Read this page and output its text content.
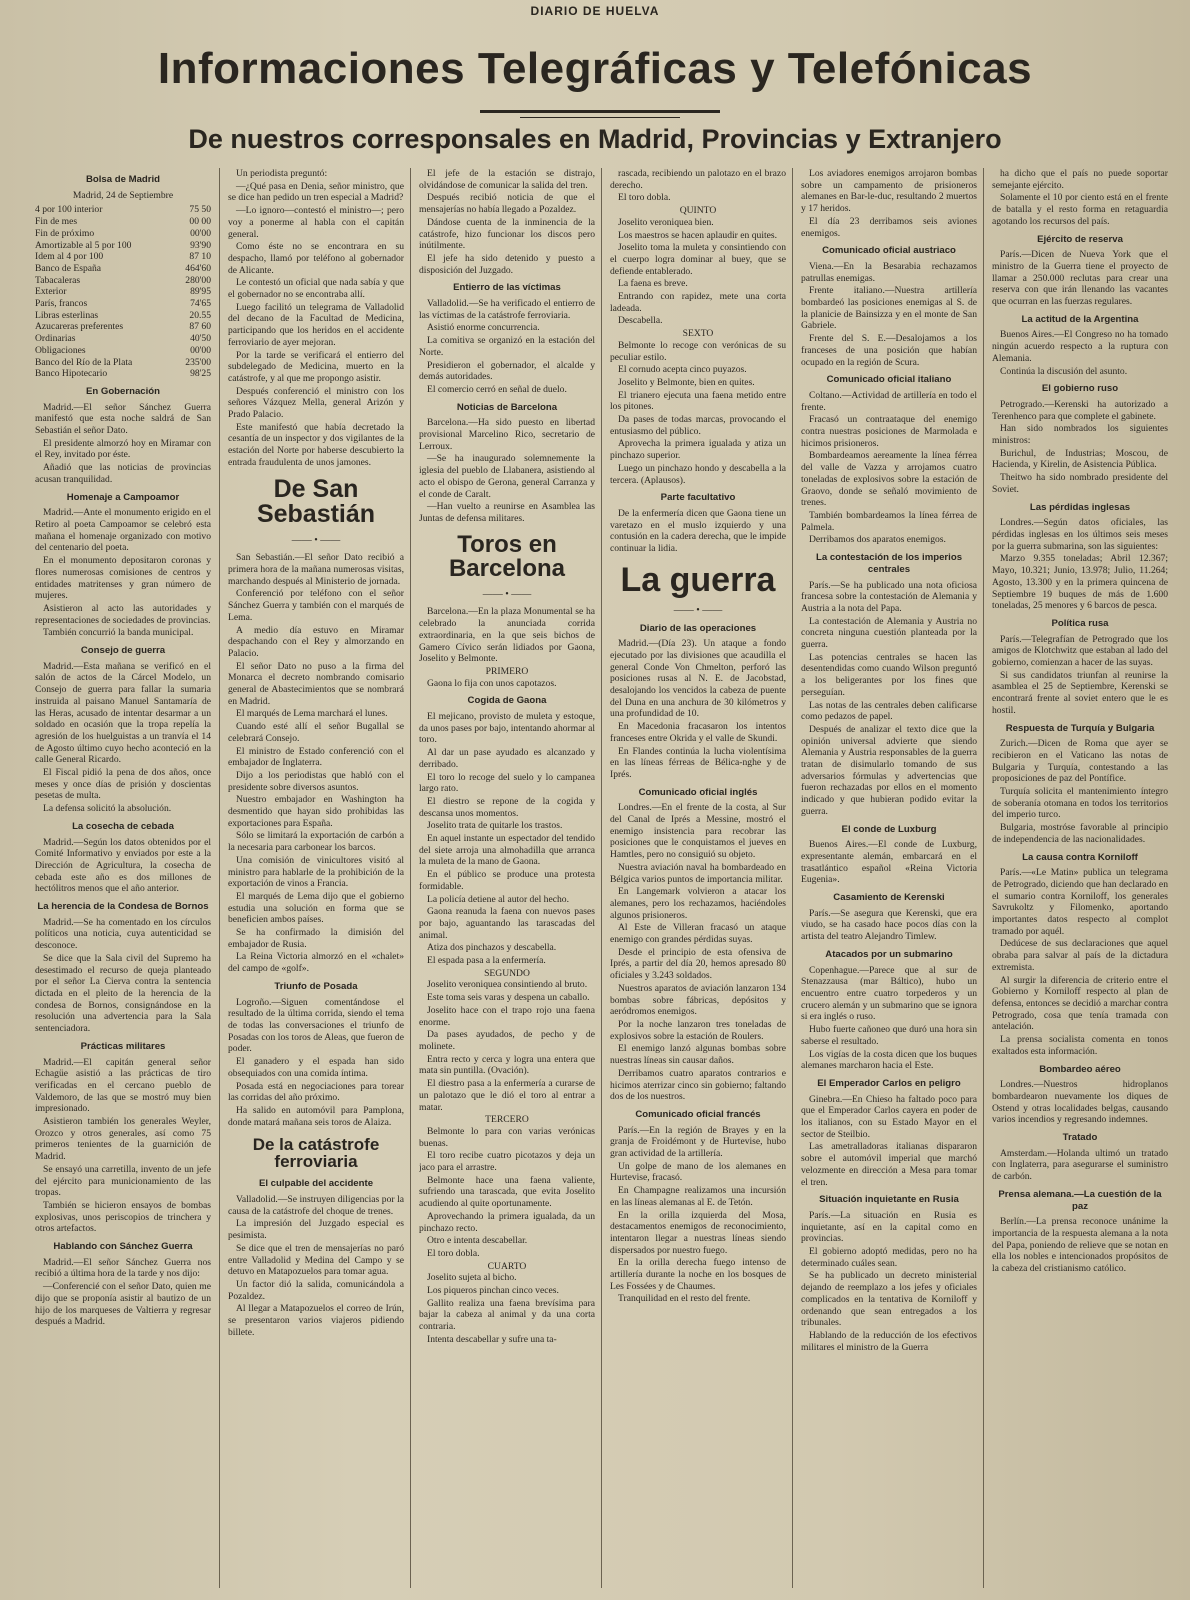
DIARIO DE HUELVA
Informaciones Telegráficas y Telefónicas
De nuestros corresponsales en Madrid, Provincias y Extranjero
Bolsa de Madrid
Madrid, 24 de Septiembre
4 por 100 interior	75 50
Fin de mes	00 00
Fin de próximo	00'00
Amortizable al 5 por 100	93'90
Idem al 4 por 100	87 10
Banco de España	464'60
Tabacaleras	280'00
Exterior	89'95
París, francos	74'65
Libras esterlinas	20.55
Azucareras preferentes	87 60
Ordinarias	40'50
Obligaciones	00'00
Banco del Río de la Plata	235'00
Banco Hipotecario	98'25
En Gobernación

Madrid.—El señor Sánchez Guerra manifestó que esta noche saldrá de San Sebastián el señor Dato.

El presidente almorzó hoy en Miramar con el Rey, invitado por éste.

Añadió que las noticias de provincias acusan tranquilidad.

Homenaje a Campoamor

Madrid.—Ante el monumento erigido en el Retiro al poeta Campoamor se celebró esta mañana el homenaje organizado con motivo del centenario del poeta.

En el monumento depositaron coronas y flores numerosas comisiones de centros y entidades matritenses y gran número de mujeres.

Asistieron al acto las autoridades y representaciones de sociedades de provincias.

También concurrió la banda municipal.

Consejo de guerra

Madrid.—Esta mañana se verificó en el salón de actos de la Cárcel Modelo, un Consejo de guerra para fallar la sumaria instruida al paisano Manuel Santamaría de las Heras, acusado de intentar desarmar a un soldado en ocasión que la tropa repelía la agresión de los huelguistas a un tranvía el 14 de Agosto último cuyo hecho aconteció en la calle General Ricardo.

El Fiscal pidió la pena de dos años, once meses y once días de prisión y doscientas pesetas de multa.

La defensa solicitó la absolución.

La cosecha de cebada

Madrid.—Según los datos obtenidos por el Comité Informativo y enviados por este a la Dirección de Agricultura, la cosecha de cebada este año es dos millones de hectólitros menos que el año anterior.

La herencia de la Condesa de Bornos

Madrid.—Se ha comentado en los círculos políticos una noticia, cuya autenticidad se desconoce.

Se dice que la Sala civil del Supremo ha desestimado el recurso de queja planteado por el señor La Cierva contra la sentencia dictada en el pleito de la herencia de la condesa de Bornos, consignándose en la resolución una advertencia para la Sala sentenciadora.

Prácticas militares

Madrid.—El capitán general señor Echagüe asistió a las prácticas de tiro verificadas en el cercano pueblo de Valdemoro, de las que se mostró muy bien impresionado.

Asistieron también los generales Weyler, Orozco y otros generales, así como 75 primeros tenientes de la guarnición de Madrid.

Se ensayó una carretilla, invento de un jefe del ejército para municionamiento de las tropas.

También se hicieron ensayos de bombas explosivas, unos periscopios de trinchera y otros artefactos.

Hablando con Sánchez Guerra

Madrid.—El señor Sánchez Guerra nos recibió a última hora de la tarde y nos dijo:

—Conferencié con el señor Dato, quien me dijo que se proponía asistir al bautizo de un hijo de los marqueses de Valtierra y regresar después a Madrid.

Un periodista preguntó:

—¿Qué pasa en Denia, señor ministro, que se dice han pedido un tren especial a Madrid?

—Lo ignoro—contestó el ministro—; pero voy a ponerme al habla con el capitán general.

Como éste no se encontrara en su despacho, llamó por teléfono al gobernador de Alicante.

Le contestó un oficial que nada sabía y que el gobernador no se encontraba allí.

Luego facilitó un telegrama de Valladolid del decano de la Facultad de Medicina, participando que los heridos en el accidente ferroviario de ayer mejoran.

Por la tarde se verificará el entierro del subdelegado de Medicina, muerto en la catástrofe, y al que me propongo asistir.

Después conferenció el ministro con los señores Vázquez Mella, general Arizón y Prado Palacio.

Este manifestó que había decretado la cesantía de un inspector y dos vigilantes de la estación del Norte por haberse descubierto la entrada fraudulenta de unos jamones.

De San Sebastián
—— • ——

San Sebastián.—El señor Dato recibió a primera hora de la mañana numerosas visitas, marchando después al Ministerio de jornada.

Conferenció por teléfono con el señor Sánchez Guerra y también con el marqués de Lema.

A medio día estuvo en Miramar despachando con el Rey y almorzando en Palacio.

El señor Dato no puso a la firma del Monarca el decreto nombrando comisario general de Abastecimientos que se nombrará en Madrid.

El marqués de Lema marchará el lunes.

Cuando esté allí el señor Bugallal se celebrará Consejo.

El ministro de Estado conferenció con el embajador de Inglaterra.

Dijo a los periodistas que habló con el presidente sobre diversos asuntos.

Nuestro embajador en Washington ha desmentido que hayan sido prohibidas las exportaciones para España.

Sólo se limitará la exportación de carbón a la necesaria para carbonear los barcos.

Una comisión de vinicultores visitó al ministro para hablarle de la prohibición de la exportación de vinos a Francia.

El marqués de Lema dijo que el gobierno estudia una solución en forma que se beneficien ambos países.

Se ha confirmado la dimisión del embajador de Rusia.

La Reina Victoria almorzó en el «chalet» del campo de «golf».

Triunfo de Posada

Logroño.—Siguen comentándose el resultado de la última corrida, siendo el tema de todas las conversaciones el triunfo de Posadas con los toros de Aleas, que fueron de poder.

El ganadero y el espada han sido obsequiados con una comida íntima.

Posada está en negociaciones para torear las corridas del año próximo.

Ha salido en automóvil para Pamplona, donde matará mañana seis toros de Alaiza.

De la catástrofe ferroviaria
El culpable del accidente

Valladolid.—Se instruyen diligencias por la causa de la catástrofe del choque de trenes.

La impresión del Juzgado especial es pesimista.

Se dice que el tren de mensajerías no paró entre Valladolid y Medina del Campo y se detuvo en Matapozuelos para tomar agua.

Un factor dió la salida, comunicándola a Pozaldez.

Al llegar a Matapozuelos el correo de Irún, se presentaron varios viajeros pidiendo billete.

El jefe de la estación se distrajo, olvidándose de comunicar la salida del tren.

Después recibió noticia de que el mensajerías no había llegado a Pozaldez.

Dándose cuenta de la inminencia de la catástrofe, hizo funcionar los discos pero inútilmente.

El jefe ha sido detenido y puesto a disposición del Juzgado.

Entierro de las víctimas

Valladolid.—Se ha verificado el entierro de las víctimas de la catástrofe ferroviaria.

Asistió enorme concurrencia.

La comitiva se organizó en la estación del Norte.

Presidieron el gobernador, el alcalde y demás autoridades.

El comercio cerró en señal de duelo.

Noticias de Barcelona

Barcelona.—Ha sido puesto en libertad provisional Marcelino Rico, secretario de Lerroux.

—Se ha inaugurado solemnemente la iglesia del pueblo de Llabanera, asistiendo al acto el obispo de Gerona, general Carranza y el conde de Caralt.

—Han vuelto a reunirse en Asamblea las Juntas de defensa militares.

Toros en Barcelona
—— • ——

Barcelona.—En la plaza Monumental se ha celebrado la anunciada corrida extraordinaria, en la que seis bichos de Gamero Cívico serán lidiados por Gaona, Joselito y Belmonte.

PRIMERO

Gaona lo fija con unos capotazos.

Cogida de Gaona

El mejicano, provisto de muleta y estoque, da unos pases por bajo, intentando ahormar al toro.

Al dar un pase ayudado es alcanzado y derribado.

El toro lo recoge del suelo y lo campanea largo rato.

El diestro se repone de la cogida y descansa unos momentos.

Joselito trata de quitarle los trastos.

En aquel instante un espectador del tendido del siete arroja una almohadilla que arranca la muleta de la mano de Gaona.

En el público se produce una protesta formidable.

La policía detiene al autor del hecho.

Gaona reanuda la faena con nuevos pases por bajo, aguantando las tarascadas del animal.

Atiza dos pinchazos y descabella.

El espada pasa a la enfermería.

SEGUNDO

Joselito veroniquea consintiendo al bruto.

Este toma seis varas y despena un caballo.

Joselito hace con el trapo rojo una faena enorme.

Da pases ayudados, de pecho y de molinete.

Entra recto y cerca y logra una entera que mata sin puntilla. (Ovación).

El diestro pasa a la enfermería a curarse de un palotazo que le dió el toro al entrar a matar.

TERCERO

Belmonte lo para con varias verónicas buenas.

El toro recibe cuatro picotazos y deja un jaco para el arrastre.

Belmonte hace una faena valiente, sufriendo una tarascada, que evita Joselito acudiendo al quite oportunamente.

Aprovechando la primera igualada, da un pinchazo recto.

Otro e intenta descabellar.

El toro dobla.

CUARTO

Joselito sujeta al bicho.

Los piqueros pinchan cinco veces.

Gallito realiza una faena brevísima para bajar la cabeza al animal y da una corta contraria.

Intenta descabellar y sufre una ta-

rascada, recibiendo un palotazo en el brazo derecho.

El toro dobla.

QUINTO

Joselito veroniquea bien.

Los maestros se hacen aplaudir en quites.

Joselito toma la muleta y consintiendo con el cuerpo logra dominar al buey, que se defiende entablerado.

La faena es breve.

Entrando con rapidez, mete una corta ladeada.

Descabella.

SEXTO

Belmonte lo recoge con verónicas de su peculiar estilo.

El cornudo acepta cinco puyazos.

Joselito y Belmonte, bien en quites.

El trianero ejecuta una faena metido entre los pitones.

Da pases de todas marcas, provocando el entusiasmo del público.

Aprovecha la primera igualada y atiza un pinchazo superior.

Luego un pinchazo hondo y descabella a la tercera. (Aplausos).

Parte facultativo

De la enfermería dicen que Gaona tiene un varetazo en el muslo izquierdo y una contusión en la cadera derecha, que le impide continuar la lidia.

La guerra
—— • ——
Diario de las operaciones

Madrid.—(Día 23). Un ataque a fondo ejecutado por las divisiones que acaudilla el general Conde Von Chmelton, perforó las posiciones rusas al N. E. de Jacobstad, desalojando los vencidos la cabeza de puente del Duna en una anchura de 30 kilómetros y una profundidad de 10.

En Macedonia fracasaron los intentos franceses entre Okrida y el valle de Skundi.

En Flandes continúa la lucha violentísima en las líneas férreas de Bélica-nghe y de Iprés.

Comunicado oficial inglés

Londres.—En el frente de la costa, al Sur del Canal de Iprés a Messine, mostró el enemigo insistencia para recobrar las posiciones que le conquistamos el jueves en Hamtles, pero no consiguió su objeto.

Nuestra aviación naval ha bombardeado en Bélgica varios puntos de importancia militar.

En Langemark volvieron a atacar los alemanes, pero los rechazamos, haciéndoles algunos prisioneros.

Al Este de Villeran fracasó un ataque enemigo con grandes pérdidas suyas.

Desde el principio de esta ofensiva de Iprés, a partir del día 20, hemos apresado 80 oficiales y 3.243 soldados.

Nuestros aparatos de aviación lanzaron 134 bombas sobre fábricas, depósitos y aeródromos enemigos.

Por la noche lanzaron tres toneladas de explosivos sobre la estación de Roulers.

El enemigo lanzó algunas bombas sobre nuestras líneas sin causar daños.

Derribamos cuatro aparatos contrarios e hicimos aterrizar cinco sin gobierno; faltando dos de los nuestros.

Comunicado oficial francés

París.—En la región de Brayes y en la granja de Froidémont y de Hurtevise, hubo gran actividad de la artillería.

Un golpe de mano de los alemanes en Hurtevise, fracasó.

En Champagne realizamos una incursión en las líneas alemanas al E. de Tetón.

En la orilla izquierda del Mosa, destacamentos enemigos de reconocimiento, intentaron llegar a nuestras líneas siendo dispersados por nuestro fuego.

En la orilla derecha fuego intenso de artillería durante la noche en los bosques de Les Fossées y de Chaumes.

Tranquilidad en el resto del frente.

Los aviadores enemigos arrojaron bombas sobre un campamento de prisioneros alemanes en Bar-le-duc, resultando 2 muertos y 17 heridos.

El día 23 derribamos seis aviones enemigos.

Comunicado oficial austriaco

Viena.—En la Besarabia rechazamos patrullas enemigas.

Frente italiano.—Nuestra artillería bombardeó las posiciones enemigas al S. de la planicie de Bainsizza y en el monte de San Gabriele.

Frente del S. E.—Desalojamos a los franceses de una posición que habían ocupado en la región de Scura.

Comunicado oficial italiano

Coltano.—Actividad de artillería en todo el frente.

Fracasó un contraataque del enemigo contra nuestras posiciones de Marmolada e hicimos prisioneros.

Bombardeamos aereamente la línea férrea del valle de Vazza y arrojamos cuatro toneladas de explosivos sobre la estación de Graovo, donde se señaló movimiento de trenes.

También bombardeamos la línea férrea de Palmela.

Derribamos dos aparatos enemigos.

La contestación de los imperios centrales

París.—Se ha publicado una nota oficiosa francesa sobre la contestación de Alemania y Austria a la nota del Papa.

La contestación de Alemania y Austria no concreta ninguna cuestión planteada por la guerra.

Las potencias centrales se hacen las desentendidas como cuando Wilson preguntó a los beligerantes por los fines que perseguían.

Las notas de las centrales deben calificarse como pedazos de papel.

Después de analizar el texto dice que la opinión universal advierte que siendo Alemania y Austria responsables de la guerra tratan de disimularlo tomando de sus adversarios fórmulas y advertencias que fueron rechazadas por ellos en el momento indicado y que hubieran podido evitar la guerra.

El conde de Luxburg

Buenos Aires.—El conde de Luxburg, expresentante alemán, embarcará en el trasatlántico español «Reina Victoria Eugenia».

Casamiento de Kerenski

París.—Se asegura que Kerenski, que era viudo, se ha casado hace pocos días con la artista del teatro Alejandro Timlew.

Atacados por un submarino

Copenhague.—Parece que al sur de Stenazzausa (mar Báltico), hubo un encuentro entre cuatro torpederos y un crucero alemán y un submarino que se ignora si era inglés o ruso.

Hubo fuerte cañoneo que duró una hora sin saberse el resultado.

Los vigías de la costa dicen que los buques alemanes marcharon hacia el Este.

El Emperador Carlos en peligro

Ginebra.—En Chieso ha faltado poco para que el Emperador Carlos cayera en poder de los italianos, con su Estado Mayor en el sector de Steilbio.

Las ametralladoras italianas dispararon sobre el automóvil imperial que marchó velozmente en dirección a Mesa para tomar el tren.

Situación inquietante en Rusia

París.—La situación en Rusia es inquietante, así en la capital como en provincias.

El gobierno adoptó medidas, pero no ha determinado cuáles sean.

Se ha publicado un decreto ministerial dejando de reemplazo a los jefes y oficiales complicados en la tentativa de Korniloff y ordenando que sean entregados a los tribunales.

Hablando de la reducción de los efectivos militares el ministro de la Guerra

ha dicho que el país no puede soportar semejante ejército.

Solamente el 10 por ciento está en el frente de batalla y el resto forma en retaguardia agotando los recursos del país.

Ejército de reserva

París.—Dicen de Nueva York que el ministro de la Guerra tiene el proyecto de llamar a 250.000 reclutas para crear una reserva con que irán llenando las vacantes que ocurran en las fuerzas regulares.

La actitud de la Argentina

Buenos Aires.—El Congreso no ha tomado ningún acuerdo respecto a la ruptura con Alemania.

Continúa la discusión del asunto.

El gobierno ruso

Petrogrado.—Kerenski ha autorizado a Terenhenco para que complete el gabinete.

Han sido nombrados los siguientes ministros:

Burichul, de Industrias; Moscou, de Hacienda, y Kirelin, de Asistencia Pública.

Theitwo ha sido nombrado presidente del Soviet.

Las pérdidas inglesas

Londres.—Según datos oficiales, las pérdidas inglesas en los últimos seis meses por la guerra submarina, son las siguientes:

Marzo 9.355 toneladas; Abril 12.367; Mayo, 10.321; Junio, 13.978; Julio, 11.264; Agosto, 13.300 y en la primera quincena de Septiembre 19 buques de más de 1.600 toneladas, 25 menores y 6 barcos de pesca.

Política rusa

París.—Telegrafían de Petrogrado que los amigos de Klotchwitz que estaban al lado del gobierno, comienzan a hacer de las suyas.

Si sus candidatos triunfan al reunirse la asamblea el 25 de Septiembre, Kerenski se encontrará frente al soviet entero que le es hostil.

Respuesta de Turquía y Bulgaria

Zurich.—Dicen de Roma que ayer se recibieron en el Vaticano las notas de Bulgaria y Turquía, contestando a las proposiciones de paz del Pontífice.

Turquía solicita el mantenimiento íntegro de soberanía otomana en todos los territorios del imperio turco.

Bulgaria, mostróse favorable al principio de independencia de las nacionalidades.

La causa contra Korniloff

París.—«Le Matin» publica un telegrama de Petrogrado, diciendo que han declarado en el sumario contra Korniloff, los generales Savrukoltz y Filomenko, aportando importantes datos respecto al complot tramado por aquél.

Dedúcese de sus declaraciones que aquel obraba para salvar al país de la dictadura extremista.

Al surgir la diferencia de criterio entre el Gobierno y Korniloff respecto al plan de defensa, entonces se decidió a marchar contra Petrogrado, cosa que tenía tramada con antelación.

La prensa socialista comenta en tonos exaltados esta información.

Bombardeo aéreo

Londres.—Nuestros hidroplanos bombardearon nuevamente los diques de Ostend y otras localidades belgas, causando varios incendios y regresando indemnes.

Tratado

Amsterdam.—Holanda ultimó un tratado con Inglaterra, para asegurarse el suministro de carbón.

Prensa alemana.—La cuestión de la paz

Berlín.—La prensa reconoce unánime la importancia de la respuesta alemana a la nota del Papa, poniendo de relieve que se notan en ella los nobles e intencionados propósitos de la cabeza del cristianismo católico.
